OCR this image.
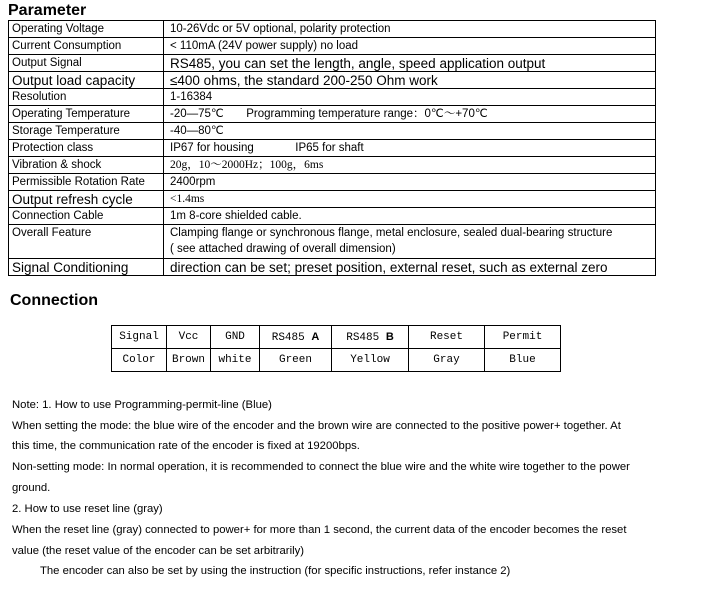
Parameter
Operating Voltage	10-26Vdc or 5V optional, polarity protection
Current Consumption	< 110mA (24V power supply) no load
Output Signal	RS485, you can set the length, angle, speed application output
Output load capacity	≤400 ohms, the standard 200-250 Ohm work
Resolution	1-16384
Operating Temperature	-20—75℃       Programming temperature range：0℃～+70℃
Storage Temperature	-40—80℃
Protection class	IP67 for housing             IP65 for shaft
Vibration & shock	20g，10～2000Hz；100g，6ms
Permissible Rotation Rate	2400rpm
Output refresh cycle	<1.4ms
Connection Cable	1m 8-core shielded cable.
Overall Feature	Clamping flange or synchronous flange, metal enclosure, sealed dual-bearing structure
( see attached drawing of overall dimension)

Signal Conditioning	direction can be set; preset position, external reset, such as external zero
Connection
Signal	Vcc	GND	RS485 A	RS485 B	Reset	Permit
Color	Brown	white	Green	Yellow	Gray	Blue
Note: 1. How to use Programming-permit-line (Blue)
When setting the mode: the blue wire of the encoder and the brown wire are connected to the positive power+ together. At
this time, the communication rate of the encoder is fixed at 19200bps.
Non-setting mode: In normal operation, it is recommended to connect the blue wire and the white wire together to the power
ground.
2. How to use reset line (gray)
When the reset line (gray) connected to power+ for more than 1 second, the current data of the encoder becomes the reset
value (the reset value of the encoder can be set arbitrarily)
The encoder can also be set by using the instruction (for specific instructions, refer instance 2)
